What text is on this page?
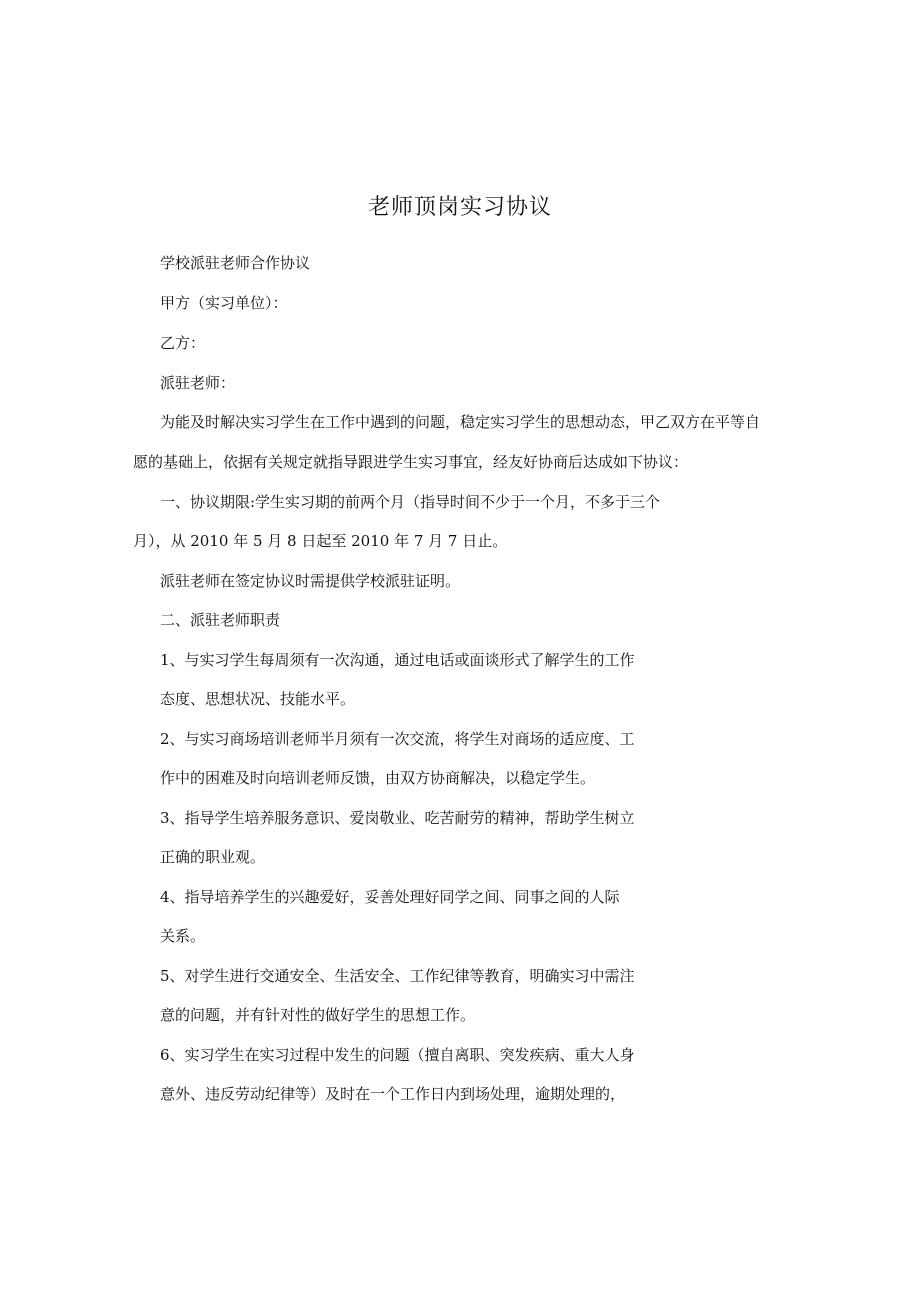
老师顶岗实习协议
学校派驻老师合作协议
甲方（实习单位）：
乙方：
派驻老师：
为能及时解决实习学生在工作中遇到的问题，稳定实习学生的思想动态，甲乙双方在平等自
愿的基础上，依据有关规定就指导跟进学生实习事宜，经友好协商后达成如下协议：
一、协议期限:学生实习期的前两个月（指导时间不少于一个月，不多于三个
月），从 2010 年 5 月 8 日起至 2010 年 7 月 7 日止。
派驻老师在签定协议时需提供学校派驻证明。
二、派驻老师职责
1、与实习学生每周须有一次沟通，通过电话或面谈形式了解学生的工作
态度、思想状况、技能水平。
2、与实习商场培训老师半月须有一次交流，将学生对商场的适应度、工
作中的困难及时向培训老师反馈，由双方协商解决，以稳定学生。
3、指导学生培养服务意识、爱岗敬业、吃苦耐劳的精神，帮助学生树立
正确的职业观。
4、指导培养学生的兴趣爱好，妥善处理好同学之间、同事之间的人际
关系。
5、对学生进行交通安全、生活安全、工作纪律等教育，明确实习中需注
意的问题，并有针对性的做好学生的思想工作。
6、实习学生在实习过程中发生的问题（擅自离职、突发疾病、重大人身
意外、违反劳动纪律等）及时在一个工作日内到场处理，逾期处理的，
